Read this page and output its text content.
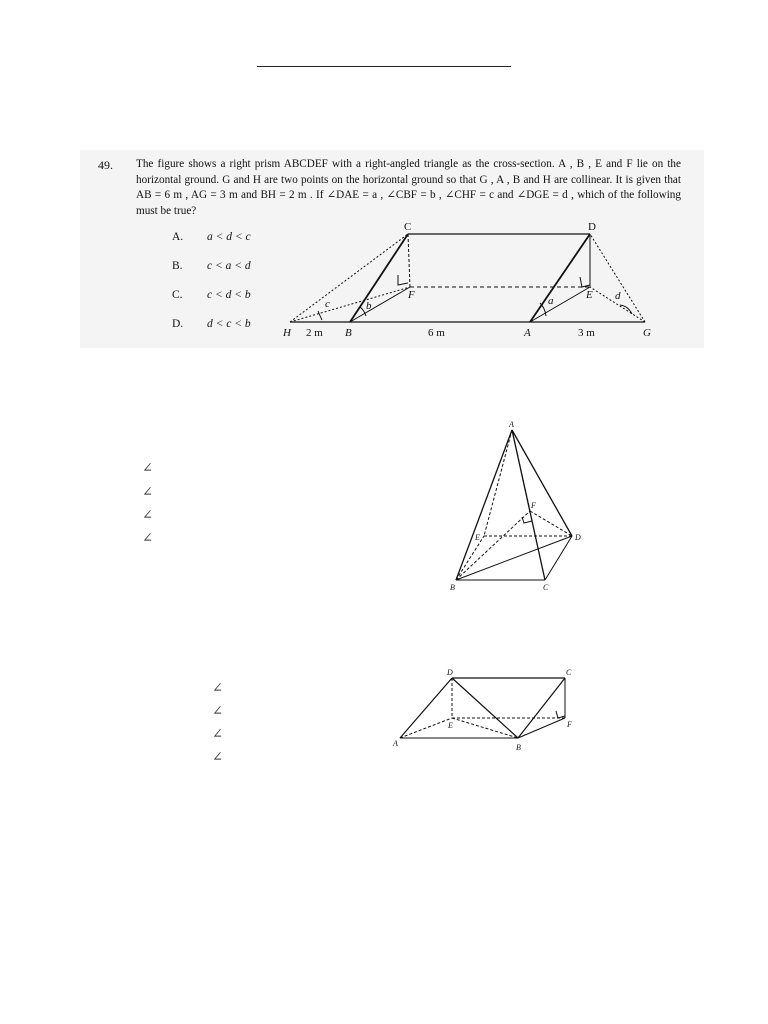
49. The figure shows a right prism ABCDEF with a right-angled triangle as the cross-section. A , B , E and F lie on the horizontal ground. G and H are two points on the horizontal ground so that G , A , B and H are collinear. It is given that AB = 6 m , AG = 3 m and BH = 2 m . If ∠DAE = a , ∠CBF = b , ∠CHF = c and ∠DGE = d , which of the following must be true?
A. a < d < c
B. c < a < d
C. c < d < b
D. d < c < b
C	D
F	E
H	B	A	G
a
b
c
d
2 m	6 m	3 m
∠
∠
∠
∠
A
B	C
D
E
F
∠
∠
∠
∠
D	C
A	B
E	F
